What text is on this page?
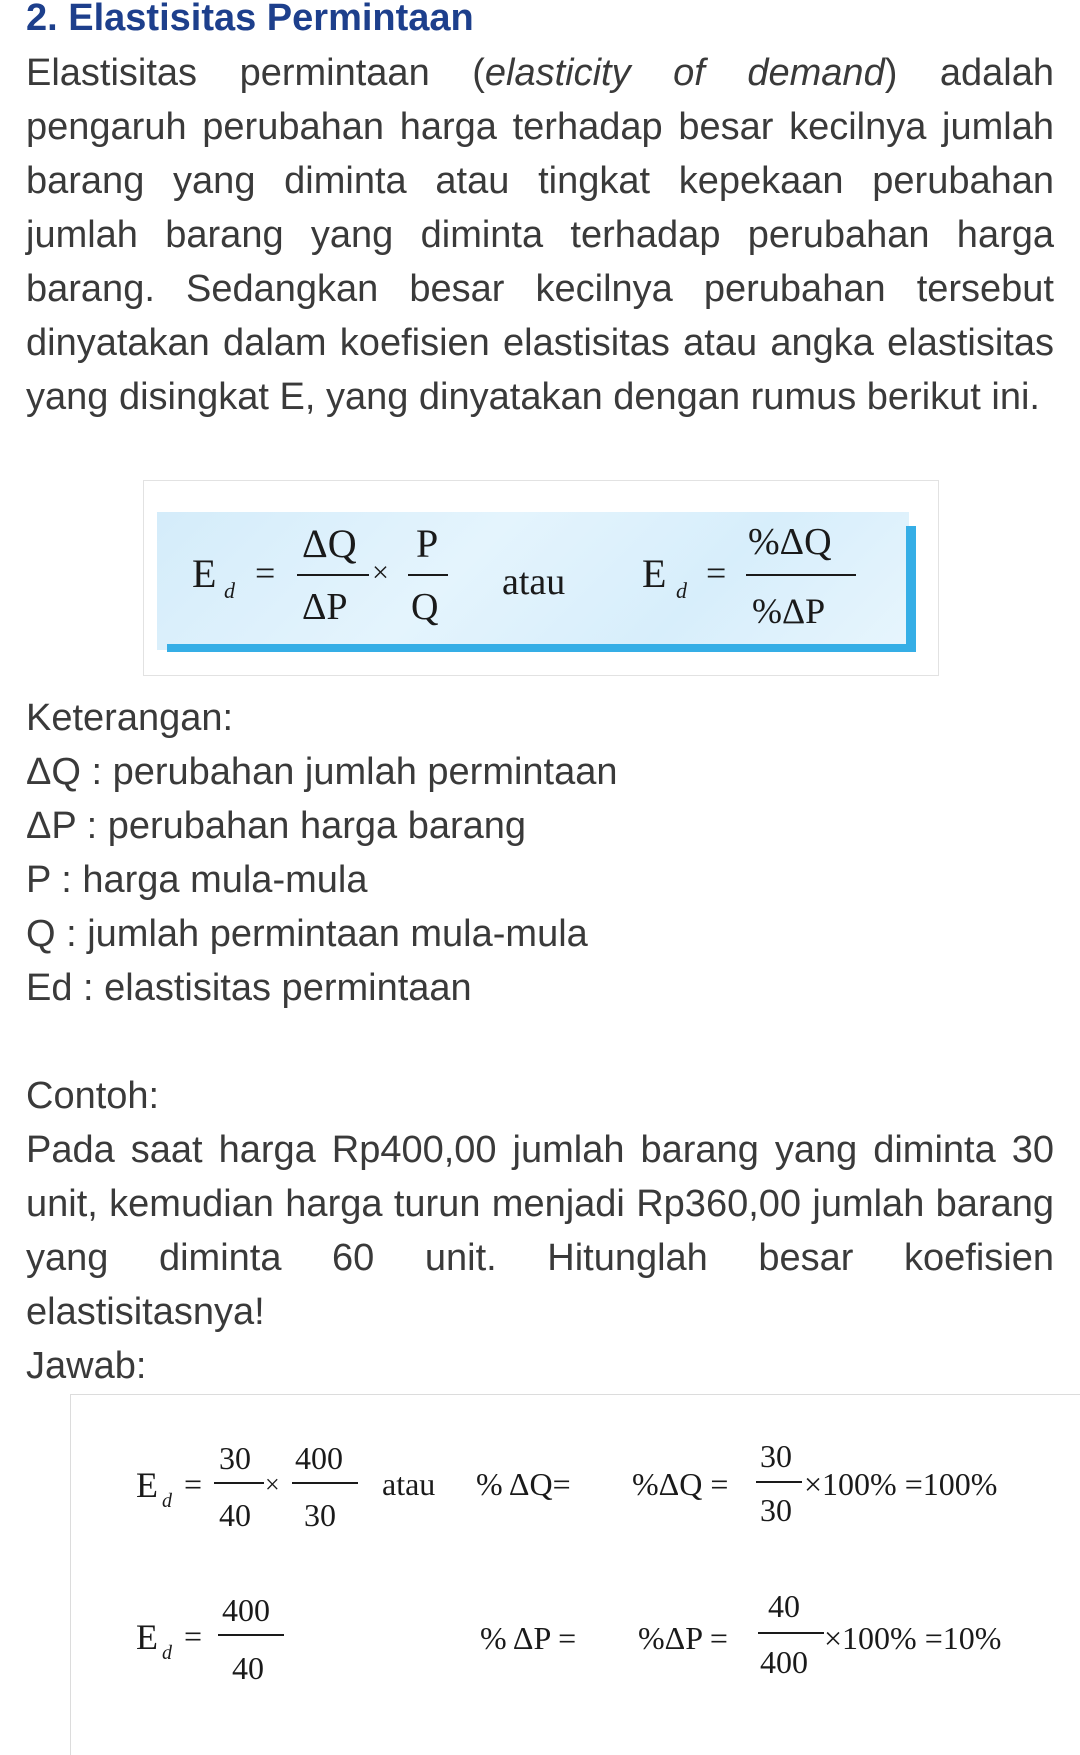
2. Elastisitas Permintaan

Elastisitas permintaan (elasticity of demand) adalah pengaruh perubahan harga terhadap besar kecilnya jumlah barang yang diminta atau tingkat kepekaan perubahan jumlah barang yang diminta terhadap perubahan harga barang. Sedangkan besar kecilnya perubahan tersebut dinyatakan dalam koefisien elastisitas atau angka elastisitas yang disingkat E, yang dinyatakan dengan rumus berikut ini.

E d =
ΔQ
ΔP
×
P
Q
atau E d =
%ΔQ
%ΔP
Keterangan:
ΔQ : perubahan jumlah permintaan
ΔP : perubahan harga barang
P : harga mula-mula
Q : jumlah permintaan mula-mula
Ed : elastisitas permintaan
Contoh:

Pada saat harga Rp400,00 jumlah barang yang diminta 30 unit, kemudian harga turun menjadi Rp360,00 jumlah barang yang diminta 60 unit. Hitunglah besar koefisien elastisitasnya!

Jawab:
E d =
30
40
×
400
30
atau % ΔQ= %ΔQ =
30
30
×100% =100%
E d =
400
40
% ΔP = %ΔP =
40
400
×100% =10%
